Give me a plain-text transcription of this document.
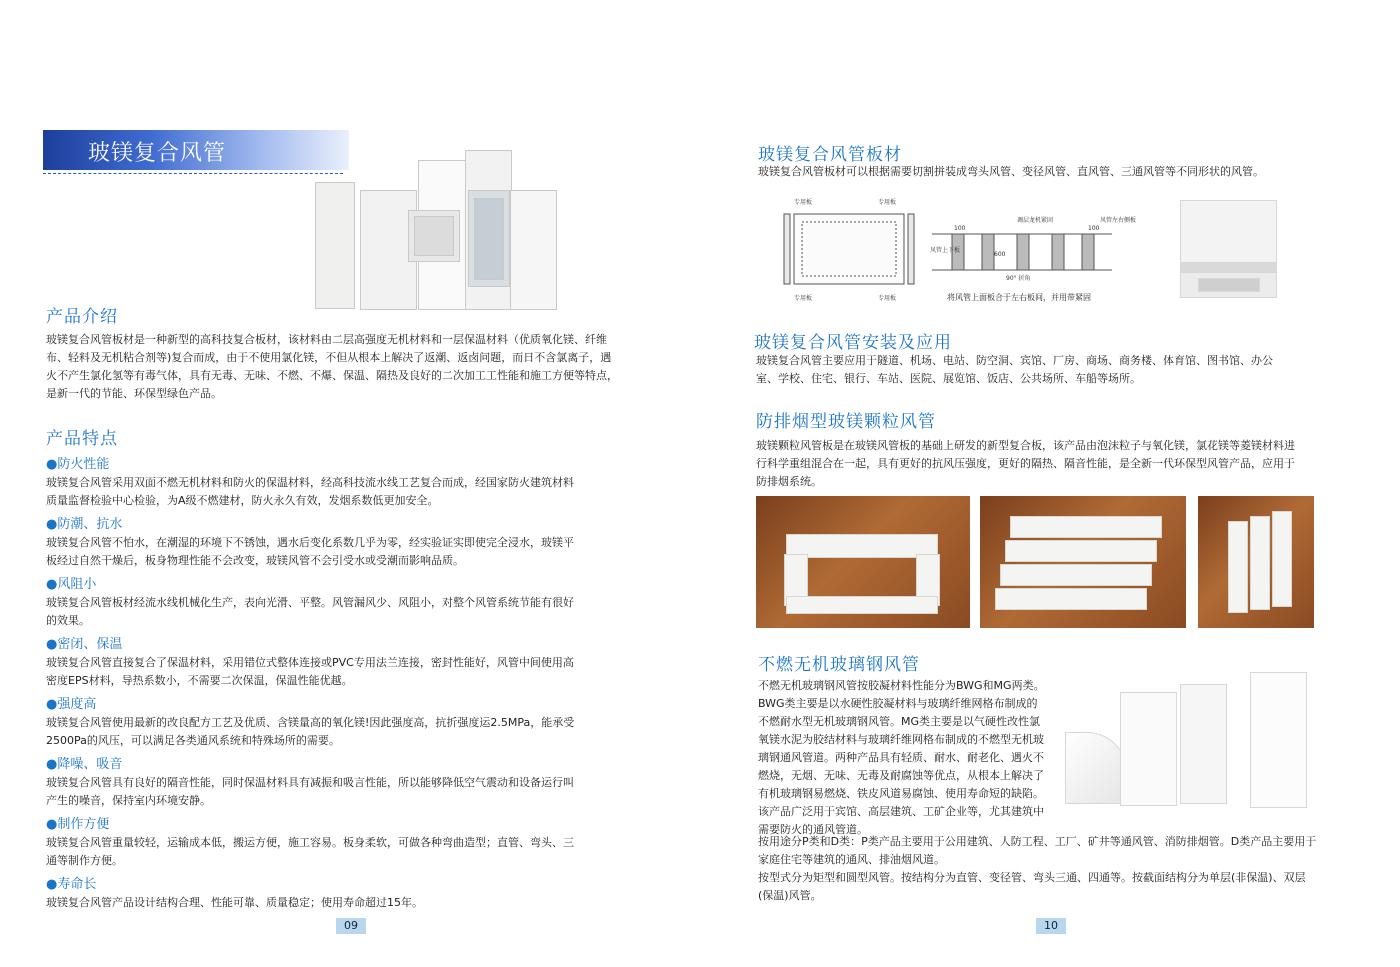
玻镁复合风管
产品介绍

玻镁复合风管板材是一种新型的高科技复合板材，该材料由二层高强度无机材料和一层保温材料（优质氧化镁、纤维

布、轻料及无机粘合剂等)复合而成，由于不使用氯化镁，不但从根本上解决了返潮、返卤问题，而日不含氯离子，遇

火不产生氯化氢等有毒气体，具有无毒、无味、不燃、不爆、保温、隔热及良好的二次加工工性能和施工方便等特点，

是新一代的节能、环保型绿色产品。

产品特点
●防火性能

玻镁复合风管采用双面不燃无机材料和防火的保温材料，经高科技流水线工艺复合而成，经国家防火建筑材料

质量监督检验中心检验，为A级不燃建材，防火永久有效，发烟系数低更加安全。

●防潮、抗水

玻镁复合风管不怕水，在潮湿的环境下不锈蚀，遇水后变化系数几乎为零，经实验证实即使完全浸水，玻镁平

板经过自然干燥后，板身物理性能不会改变，玻镁风管不会引受水或受潮而影响品质。

●风阻小

玻镁复合风管板材经流水线机械化生产，表向光滑、平整。风管漏风少、风阻小，对整个风管系统节能有很好

的效果。

●密闭、保温

玻镁复合风管直接复合了保温材料，采用错位式整体连接或PVC专用法兰连接，密封性能好，风管中间使用高

密度EPS材料，导热系数小，不需要二次保温，保温性能优越。

●强度高

玻镁复合风管使用最新的改良配方工艺及优质、含镁量高的氧化镁!因此强度高，抗折强度运2.5MPa，能承受

2500Pa的风压，可以满足各类通风系统和特殊场所的需要。

●降噪、吸音

玻镁复合风管具有良好的隔音性能，同时保温材料具有减振和吸言性能，所以能够降低空气震动和设备运行叫

产生的噪音，保持室内环境安静。

●制作方便

玻镁复合风管重量较轻，运输成本低，搬运方便，施工容易。板身柔软，可做各种弯曲造型；直管、弯头、三

通等制作方便。

●寿命长

玻镁复合风管产品设计结构合理、性能可靠、质量稳定；使用寿命超过15年。

09
玻镁复合风管板材
玻镁复合风管板材可以根据需要切割拼装成弯头风管、变径风管、直风管、三通风管等不同形状的风管。
专用板	专用板
专用板	专用板
100
600
100
调层龙机紧固	风管左右侧板
风管上下板
90° 折角
将风管上面板合于左右板间，并用带紧固
玻镁复合风管安装及应用

玻镁复合风管主要应用于隧道、机场、电站、防空洞、宾馆、厂房、商场、商务楼、体育馆、图书馆、办公

室、学校、住宅、银行、车站、医院、展览馆、饭店、公共场所、车船等场所。

防排烟型玻镁颗粒风管

玻镁颗粒风管板是在玻镁风管板的基础上研发的新型复合板，该产品由泡沫粒子与氧化镁，氯花镁等菱镁材料进

行科学重组混合在一起，具有更好的抗风压强度，更好的隔热、隔音性能，是全新一代环保型风管产品，应用于

防排烟系统。

不燃无机玻璃钢风管

不燃无机玻璃钢风管按胶凝材料性能分为BWG和MG两类。

BWG类主要是以水硬性胶凝材料与玻璃纤维网格布制成的

不燃耐水型无机玻璃钢风管。MG类主要是以气硬性改性氯

氧镁水泥为胶结材料与玻璃纤维网格布制成的不燃型无机玻

璃钢通风管道。两种产品具有轻质、耐水、耐老化、遇火不

燃烧，无烟、无味、无毒及耐腐蚀等优点，从根本上解决了

有机玻璃钢易燃烧、铁皮风道易腐蚀、使用寿命短的缺陷。

该产品广泛用于宾馆、高层建筑、工矿企业等，尤其建筑中

需要防火的通风管道。

按用途分P类和D类：P类产品主要用于公用建筑、人防工程、工厂、矿井等通风管、消防排烟管。D类产品主要用于

家庭住宅等建筑的通风、排油烟风道。

按型式分为矩型和圆型风管。按结构分为直管、变径管、弯头三通、四通等。按截面结构分为单层(非保温)、双层

(保温)风管。

10
